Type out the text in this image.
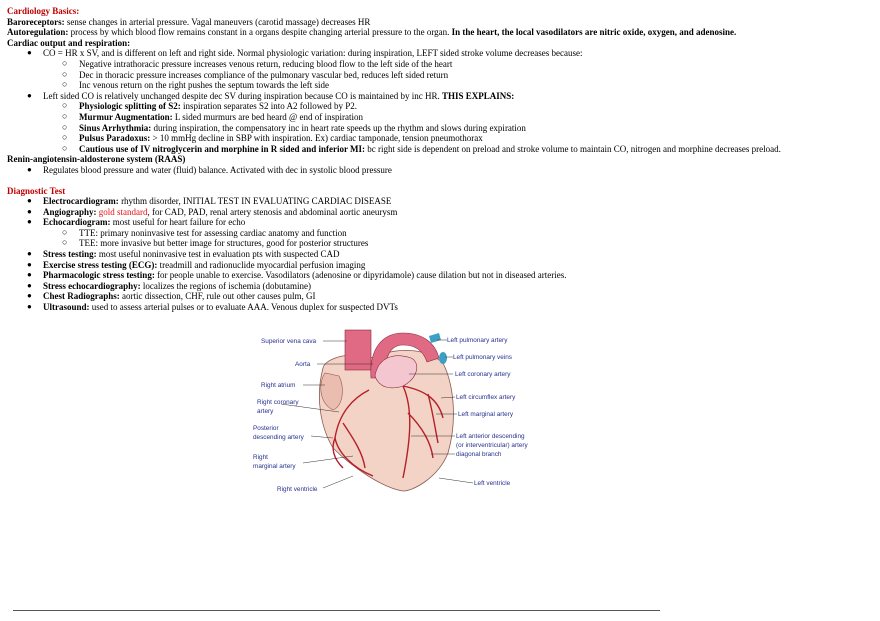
Cardiology Basics:
Baroreceptors: sense changes in arterial pressure. Vagal maneuvers (carotid massage) decreases HR
Autoregulation: process by which blood flow remains constant in a organs despite changing arterial pressure to the organ. In the heart, the local vasodilators are nitric oxide, oxygen, and adenosine.
Cardiac output and respiration:
● CO = HR x SV, and is different on left and right side. Normal physiologic variation: during inspiration, LEFT sided stroke volume decreases because:
○ Negative intrathoracic pressure increases venous return, reducing blood flow to the left side of the heart
○ Dec in thoracic pressure increases compliance of the pulmonary vascular bed, reduces left sided return
○ Inc venous return on the right pushes the septum towards the left side
● Left sided CO is relatively unchanged despite dec SV during inspiration because CO is maintained by inc HR. THIS EXPLAINS:
○ Physiologic splitting of S2: inspiration separates S2 into A2 followed by P2.
○ Murmur Augmentation: L sided murmurs are bed heard @ end of inspiration
○ Sinus Arrhythmia: during inspiration, the compensatory inc in heart rate speeds up the rhythm and slows during expiration
○ Pulsus Paradoxus: > 10 mmHg decline in SBP with inspiration. Ex) cardiac tamponade, tension pneumothorax
○ Cautious use of IV nitroglycerin and morphine in R sided and inferior MI: bc right side is dependent on preload and stroke volume to maintain CO, nitrogen and morphine decreases preload.
Renin-angiotensin-aldosterone system (RAAS)
● Regulates blood pressure and water (fluid) balance. Activated with dec in systolic blood pressure
Diagnostic Test
● Electrocardiogram: rhythm disorder, INITIAL TEST IN EVALUATING CARDIAC DISEASE
● Angiography: gold standard, for CAD, PAD, renal artery stenosis and abdominal aortic aneurysm
● Echocardiogram: most useful for heart failure for echo
○ TTE: primary noninvasive test for assessing cardiac anatomy and function
○ TEE: more invasive but better image for structures, good for posterior structures
● Stress testing: most useful noninvasive test in evaluation pts with suspected CAD
● Exercise stress testing (ECG): treadmill and radionuclide myocardial perfusion imaging
● Pharmacologic stress testing: for people unable to exercise. Vasodilators (adenosine or dipyridamole) cause dilation but not in diseased arteries.
● Stress echocardiography: localizes the regions of ischemia (dobutamine)
● Chest Radiographs: aortic dissection, CHF, rule out other causes pulm, GI
● Ultrasound: used to assess arterial pulses or to evaluate AAA. Venous duplex for suspected DVTs
Superior vena cava
Aorta
Right atrium
Right coronary
artery
Posterior
descending artery
Right
marginal artery
Right ventricle
Left pulmonary artery
Left pulmonary veins
Left coronary artery
Left circumflex artery
Left marginal artery
Left anterior descending
(or interventricular) artery
diagonal branch
Left ventricle
